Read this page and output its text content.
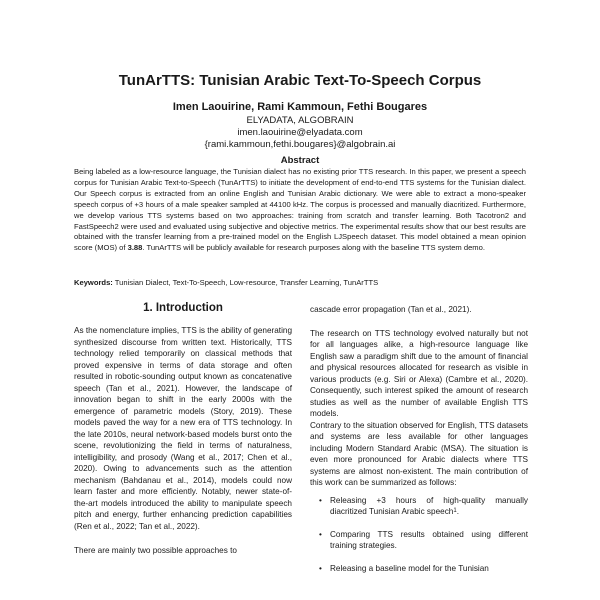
TunArTTS: Tunisian Arabic Text-To-Speech Corpus
Imen Laouirine, Rami Kammoun, Fethi Bougares
ELYADATA, ALGOBRAIN
imen.laouirine@elyadata.com
{rami.kammoun,fethi.bougares}@algobrain.ai
Abstract

Being labeled as a low-resource language, the Tunisian dialect has no existing prior TTS research. In this paper, we present a speech corpus for Tunisian Arabic Text-to-Speech (TunArTTS) to initiate the development of end-to-end TTS systems for the Tunisian dialect. Our Speech corpus is extracted from an online English and Tunisian Arabic dictionary. We were able to extract a mono-speaker speech corpus of +3 hours of a male speaker sampled at 44100 kHz. The corpus is processed and manually diacritized. Furthermore, we develop various TTS systems based on two approaches: training from scratch and transfer learning. Both Tacotron2 and FastSpeech2 were used and evaluated using subjective and objective metrics. The experimental results show that our best results are obtained with the transfer learning from a pre-trained model on the English LJSpeech dataset. This model obtained a mean opinion score (MOS) of 3.88. TunArTTS will be publicly available for research purposes along with the baseline TTS system demo.

Keywords: Tunisian Dialect, Text-To-Speech, Low-resource, Transfer Learning, TunArTTS
1. Introduction

As the nomenclature implies, TTS is the ability of generating synthesized discourse from written text. Historically, TTS technology relied temporarily on classical methods that proved expensive in terms of data storage and often resulted in robotic-sounding output known as concatenative speech (Tan et al., 2021). However, the landscape of innovation began to shift in the early 2000s with the emergence of parametric models (Story, 2019). These models paved the way for a new era of TTS technology. In the late 2010s, neural network-based models burst onto the scene, revolutionizing the field in terms of naturalness, intelligibility, and prosody (Wang et al., 2017; Chen et al., 2020). Owing to advancements such as the attention mechanism (Bahdanau et al., 2014), models could now learn faster and more efficiently. Notably, newer state-of-the-art models introduced the ability to manipulate speech pitch and energy, further enhancing prediction capabilities (Ren et al., 2022; Tan et al., 2022).

There are mainly two possible approaches to

cascade error propagation (Tan et al., 2021).

The research on TTS technology evolved naturally but not for all languages alike, a high-resource language like English saw a paradigm shift due to the amount of financial and physical resources allocated for research as visible in various products (e.g. Siri or Alexa) (Cambre et al., 2020). Consequently, such interest spiked the amount of research studies as well as the number of available English TTS models.

Contrary to the situation observed for English, TTS datasets and systems are less available for other languages including Modern Standard Arabic (MSA). The situation is even more pronounced for Arabic dialects where TTS systems are almost non-existent. The main contribution of this work can be summarized as follows:

• Releasing +3 hours of high-quality manually diacritized Tunisian Arabic speech$^1$.
• Comparing TTS results obtained using different training strategies.
• Releasing a baseline model for the Tunisian
